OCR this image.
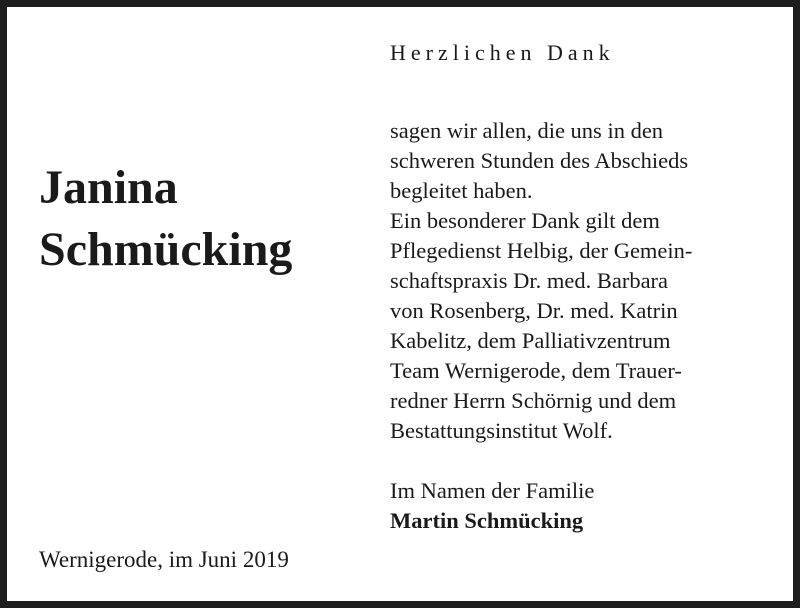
Janina
Schmücking
Wernigerode, im Juni 2019
Herzlichen Dank
sagen wir allen, die uns in den
schweren Stunden des Abschieds
begleitet haben.
Ein besonderer Dank gilt dem
Pflegedienst Helbig, der Gemein-
schaftspraxis Dr. med. Barbara
von Rosenberg, Dr. med. Katrin
Kabelitz, dem Palliativzentrum
Team Wernigerode, dem Trauer-
redner Herrn Schörnig und dem
Bestattungsinstitut Wolf.
Im Namen der Familie
Martin Schmücking
